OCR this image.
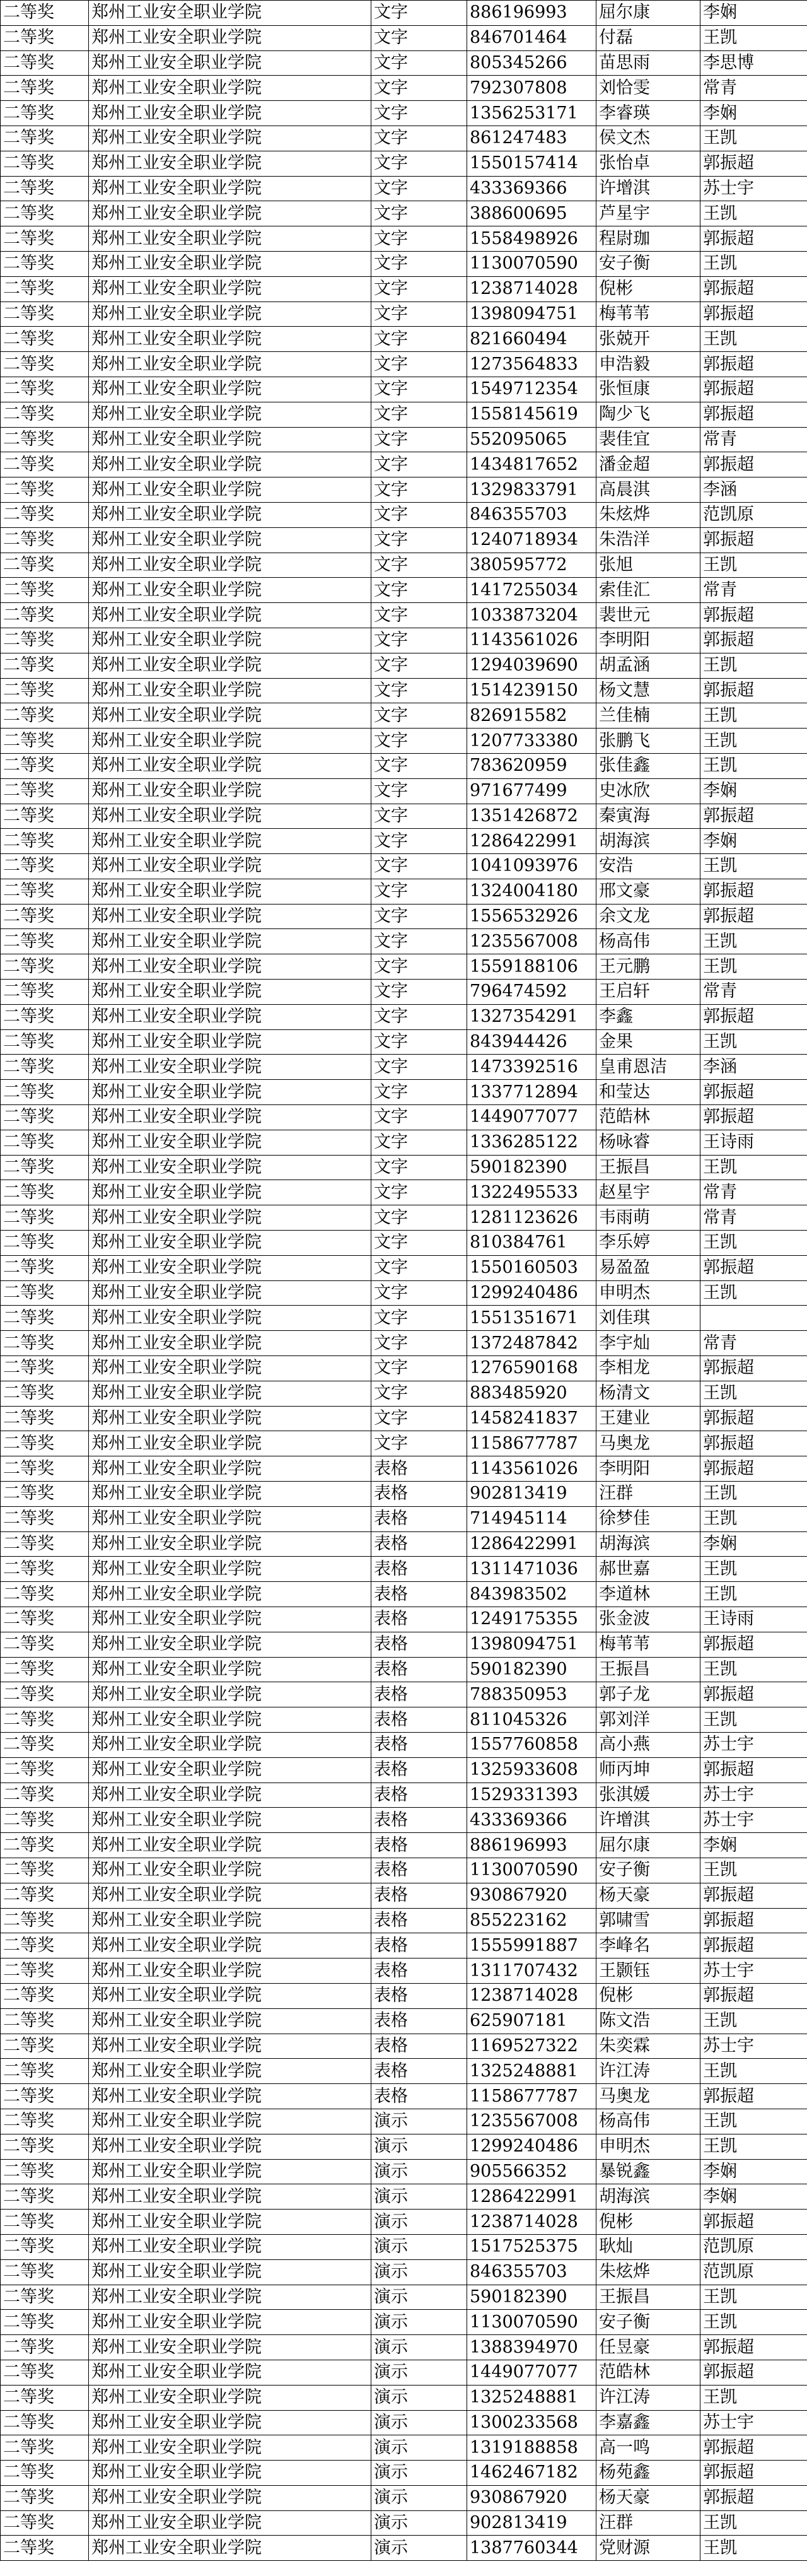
二等奖	郑州工业安全职业学院	文字	886196993	屈尔康	李娴
二等奖	郑州工业安全职业学院	文字	846701464	付磊	王凯
二等奖	郑州工业安全职业学院	文字	805345266	苗思雨	李思博
二等奖	郑州工业安全职业学院	文字	792307808	刘恰雯	常青
二等奖	郑州工业安全职业学院	文字	1356253171	李睿瑛	李娴
二等奖	郑州工业安全职业学院	文字	861247483	侯文杰	王凯
二等奖	郑州工业安全职业学院	文字	1550157414	张怡卓	郭振超
二等奖	郑州工业安全职业学院	文字	433369366	许增淇	苏士宇
二等奖	郑州工业安全职业学院	文字	388600695	芦星宇	王凯
二等奖	郑州工业安全职业学院	文字	1558498926	程尉珈	郭振超
二等奖	郑州工业安全职业学院	文字	1130070590	安子衡	王凯
二等奖	郑州工业安全职业学院	文字	1238714028	倪彬	郭振超
二等奖	郑州工业安全职业学院	文字	1398094751	梅苇苇	郭振超
二等奖	郑州工业安全职业学院	文字	821660494	张兢开	王凯
二等奖	郑州工业安全职业学院	文字	1273564833	申浩毅	郭振超
二等奖	郑州工业安全职业学院	文字	1549712354	张恒康	郭振超
二等奖	郑州工业安全职业学院	文字	1558145619	陶少飞	郭振超
二等奖	郑州工业安全职业学院	文字	552095065	裴佳宜	常青
二等奖	郑州工业安全职业学院	文字	1434817652	潘金超	郭振超
二等奖	郑州工业安全职业学院	文字	1329833791	高晨淇	李涵
二等奖	郑州工业安全职业学院	文字	846355703	朱炫烨	范凯原
二等奖	郑州工业安全职业学院	文字	1240718934	朱浩洋	郭振超
二等奖	郑州工业安全职业学院	文字	380595772	张旭	王凯
二等奖	郑州工业安全职业学院	文字	1417255034	索佳汇	常青
二等奖	郑州工业安全职业学院	文字	1033873204	裴世元	郭振超
二等奖	郑州工业安全职业学院	文字	1143561026	李明阳	郭振超
二等奖	郑州工业安全职业学院	文字	1294039690	胡孟涵	王凯
二等奖	郑州工业安全职业学院	文字	1514239150	杨文慧	郭振超
二等奖	郑州工业安全职业学院	文字	826915582	兰佳楠	王凯
二等奖	郑州工业安全职业学院	文字	1207733380	张鹏飞	王凯
二等奖	郑州工业安全职业学院	文字	783620959	张佳鑫	王凯
二等奖	郑州工业安全职业学院	文字	971677499	史冰欣	李娴
二等奖	郑州工业安全职业学院	文字	1351426872	秦寅海	郭振超
二等奖	郑州工业安全职业学院	文字	1286422991	胡海滨	李娴
二等奖	郑州工业安全职业学院	文字	1041093976	安浩	王凯
二等奖	郑州工业安全职业学院	文字	1324004180	邢文豪	郭振超
二等奖	郑州工业安全职业学院	文字	1556532926	余文龙	郭振超
二等奖	郑州工业安全职业学院	文字	1235567008	杨高伟	王凯
二等奖	郑州工业安全职业学院	文字	1559188106	王元鹏	王凯
二等奖	郑州工业安全职业学院	文字	796474592	王启轩	常青
二等奖	郑州工业安全职业学院	文字	1327354291	李鑫	郭振超
二等奖	郑州工业安全职业学院	文字	843944426	金果	王凯
二等奖	郑州工业安全职业学院	文字	1473392516	皇甫恩洁	李涵
二等奖	郑州工业安全职业学院	文字	1337712894	和莹达	郭振超
二等奖	郑州工业安全职业学院	文字	1449077077	范皓林	郭振超
二等奖	郑州工业安全职业学院	文字	1336285122	杨咏睿	王诗雨
二等奖	郑州工业安全职业学院	文字	590182390	王振昌	王凯
二等奖	郑州工业安全职业学院	文字	1322495533	赵星宇	常青
二等奖	郑州工业安全职业学院	文字	1281123626	韦雨萌	常青
二等奖	郑州工业安全职业学院	文字	810384761	李乐婷	王凯
二等奖	郑州工业安全职业学院	文字	1550160503	易盈盈	郭振超
二等奖	郑州工业安全职业学院	文字	1299240486	申明杰	王凯
二等奖	郑州工业安全职业学院	文字	1551351671	刘佳琪	
二等奖	郑州工业安全职业学院	文字	1372487842	李宇灿	常青
二等奖	郑州工业安全职业学院	文字	1276590168	李相龙	郭振超
二等奖	郑州工业安全职业学院	文字	883485920	杨清文	王凯
二等奖	郑州工业安全职业学院	文字	1458241837	王建业	郭振超
二等奖	郑州工业安全职业学院	文字	1158677787	马奥龙	郭振超
二等奖	郑州工业安全职业学院	表格	1143561026	李明阳	郭振超
二等奖	郑州工业安全职业学院	表格	902813419	汪群	王凯
二等奖	郑州工业安全职业学院	表格	714945114	徐梦佳	王凯
二等奖	郑州工业安全职业学院	表格	1286422991	胡海滨	李娴
二等奖	郑州工业安全职业学院	表格	1311471036	郝世嘉	王凯
二等奖	郑州工业安全职业学院	表格	843983502	李道林	王凯
二等奖	郑州工业安全职业学院	表格	1249175355	张金波	王诗雨
二等奖	郑州工业安全职业学院	表格	1398094751	梅苇苇	郭振超
二等奖	郑州工业安全职业学院	表格	590182390	王振昌	王凯
二等奖	郑州工业安全职业学院	表格	788350953	郭子龙	郭振超
二等奖	郑州工业安全职业学院	表格	811045326	郭刘洋	王凯
二等奖	郑州工业安全职业学院	表格	1557760858	高小燕	苏士宇
二等奖	郑州工业安全职业学院	表格	1325933608	师丙坤	郭振超
二等奖	郑州工业安全职业学院	表格	1529331393	张淇媛	苏士宇
二等奖	郑州工业安全职业学院	表格	433369366	许增淇	苏士宇
二等奖	郑州工业安全职业学院	表格	886196993	屈尔康	李娴
二等奖	郑州工业安全职业学院	表格	1130070590	安子衡	王凯
二等奖	郑州工业安全职业学院	表格	930867920	杨天豪	郭振超
二等奖	郑州工业安全职业学院	表格	855223162	郭啸雪	郭振超
二等奖	郑州工业安全职业学院	表格	1555991887	李峰名	郭振超
二等奖	郑州工业安全职业学院	表格	1311707432	王颢钰	苏士宇
二等奖	郑州工业安全职业学院	表格	1238714028	倪彬	郭振超
二等奖	郑州工业安全职业学院	表格	625907181	陈文浩	王凯
二等奖	郑州工业安全职业学院	表格	1169527322	朱奕霖	苏士宇
二等奖	郑州工业安全职业学院	表格	1325248881	许江涛	王凯
二等奖	郑州工业安全职业学院	表格	1158677787	马奥龙	郭振超
二等奖	郑州工业安全职业学院	演示	1235567008	杨高伟	王凯
二等奖	郑州工业安全职业学院	演示	1299240486	申明杰	王凯
二等奖	郑州工业安全职业学院	演示	905566352	暴锐鑫	李娴
二等奖	郑州工业安全职业学院	演示	1286422991	胡海滨	李娴
二等奖	郑州工业安全职业学院	演示	1238714028	倪彬	郭振超
二等奖	郑州工业安全职业学院	演示	1517525375	耿灿	范凯原
二等奖	郑州工业安全职业学院	演示	846355703	朱炫烨	范凯原
二等奖	郑州工业安全职业学院	演示	590182390	王振昌	王凯
二等奖	郑州工业安全职业学院	演示	1130070590	安子衡	王凯
二等奖	郑州工业安全职业学院	演示	1388394970	任昱豪	郭振超
二等奖	郑州工业安全职业学院	演示	1449077077	范皓林	郭振超
二等奖	郑州工业安全职业学院	演示	1325248881	许江涛	王凯
二等奖	郑州工业安全职业学院	演示	1300233568	李嘉鑫	苏士宇
二等奖	郑州工业安全职业学院	演示	1319188858	高一鸣	郭振超
二等奖	郑州工业安全职业学院	演示	1462467182	杨苑鑫	郭振超
二等奖	郑州工业安全职业学院	演示	930867920	杨天豪	郭振超
二等奖	郑州工业安全职业学院	演示	902813419	汪群	王凯
二等奖	郑州工业安全职业学院	演示	1387760344	党财源	王凯
